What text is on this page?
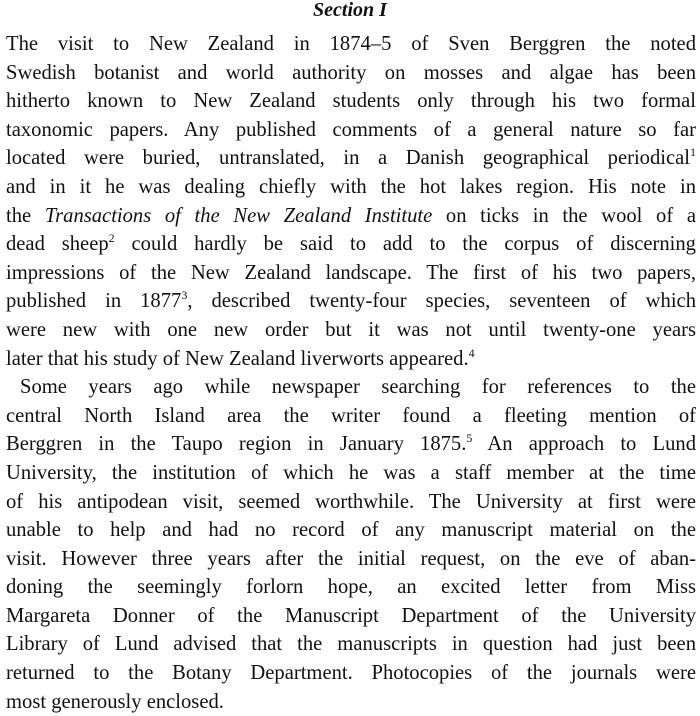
Section I

The visit to New Zealand in 1874–5 of Sven Berggren the noted
Swedish botanist and world authority on mosses and algae has been
hitherto known to New Zealand students only through his two formal
taxonomic papers. Any published comments of a general nature so far
located were buried, untranslated, in a Danish geographical periodical$^1$
and in it he was dealing chiefly with the hot lakes region. His note in
the Transactions of the New Zealand Institute on ticks in the wool of a
dead sheep$^2$ could hardly be said to add to the corpus of discerning
impressions of the New Zealand landscape. The first of his two papers,
published in 1877$^3$, described twenty-four species, seventeen of which
were new with one new order but it was not until twenty-one years
later that his study of New Zealand liverworts appeared.$^4$

Some years ago while newspaper searching for references to the
central North Island area the writer found a fleeting mention of
Berggren in the Taupo region in January 1875.$^5$ An approach to Lund
University, the institution of which he was a staff member at the time
of his antipodean visit, seemed worthwhile. The University at first were
unable to help and had no record of any manuscript material on the
visit. However three years after the initial request, on the eve of aban-
doning the seemingly forlorn hope, an excited letter from Miss
Margareta Donner of the Manuscript Department of the University
Library of Lund advised that the manuscripts in question had just been
returned to the Botany Department. Photocopies of the journals were
most generously enclosed.
